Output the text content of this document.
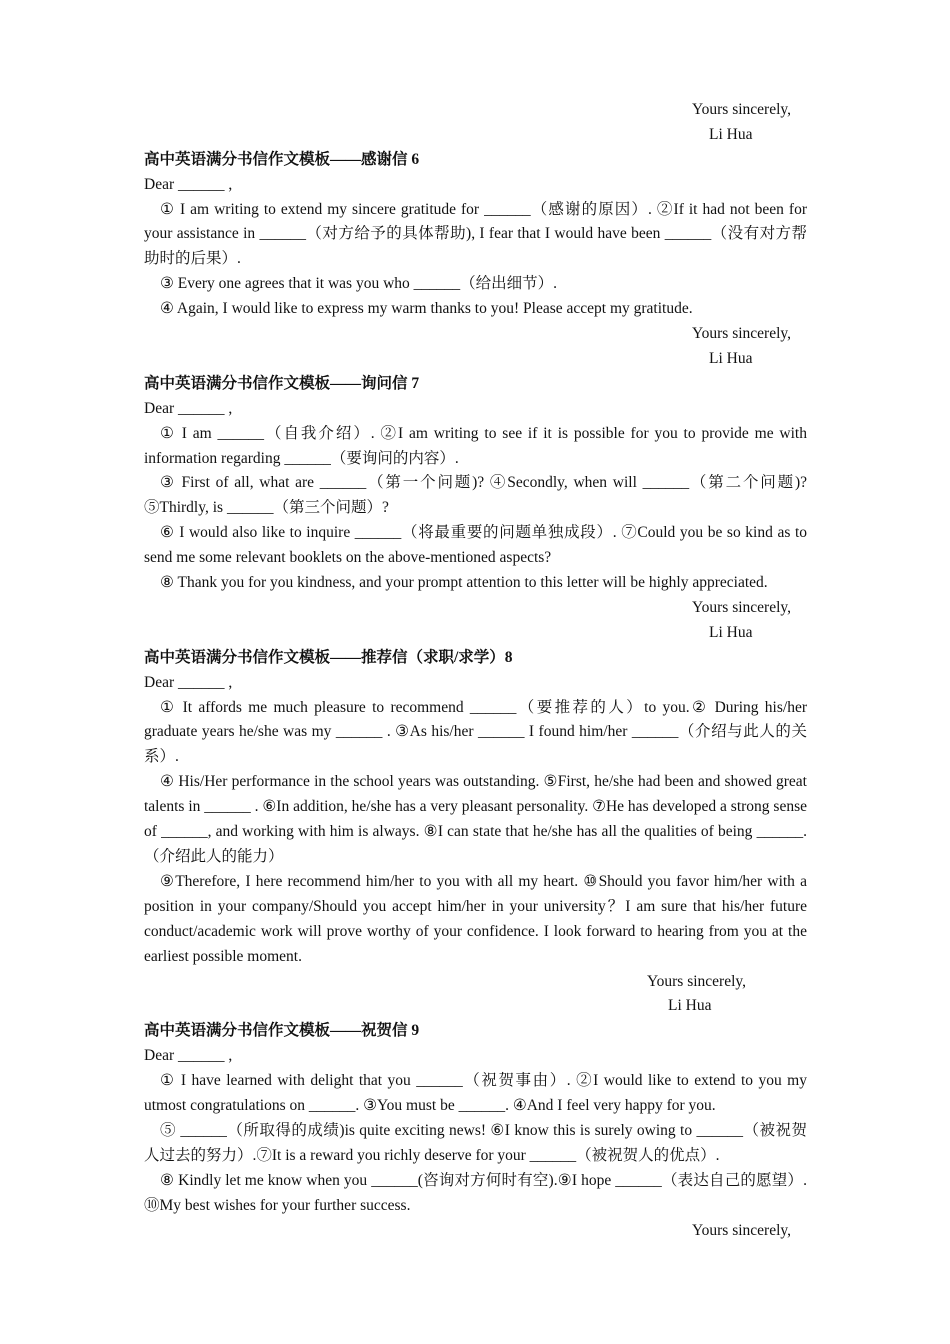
Yours sincerely,
Li Hua
高中英语满分书信作文模板——感谢信 6
Dear ______ ,

① I am writing to extend my sincere gratitude for ______（感谢的原因）. ②If it had not been for your assistance in ______（对方给予的具体帮助), I fear that I would have been ______（没有对方帮助时的后果）.

③ Every one agrees that it was you who ______（给出细节）.

④ Again, I would like to express my warm thanks to you! Please accept my gratitude.

Yours sincerely,
Li Hua
高中英语满分书信作文模板——询问信 7
Dear ______ ,

① I am ______（自我介绍）. ②I am writing to see if it is possible for you to provide me with information regarding ______（要询问的内容）.

③ First of all, what are ______（第一个问题)? ④Secondly, when will ______（第二个问题)? ⑤Thirdly, is ______（第三个问题）?

⑥ I would also like to inquire ______（将最重要的问题单独成段）. ⑦Could you be so kind as to send me some relevant booklets on the above-mentioned aspects?

⑧ Thank you for you kindness, and your prompt attention to this letter will be highly appreciated.

Yours sincerely,
Li Hua
高中英语满分书信作文模板——推荐信（求职/求学）8
Dear ______ ,

① It affords me much pleasure to recommend ______（要推荐的人）to you.② During his/her graduate years he/she was my ______ . ③As his/her ______ I found him/her ______（介绍与此人的关系）.

④ His/Her performance in the school years was outstanding. ⑤First, he/she had been and showed great talents in ______ . ⑥In addition, he/she has a very pleasant personality. ⑦He has developed a strong sense of ______, and working with him is always. ⑧I can state that he/she has all the qualities of being ______.（介绍此人的能力）

⑨Therefore, I here recommend him/her to you with all my heart. ⑩Should you favor him/her with a position in your company/Should you accept him/her in your university？I am sure that his/her future conduct/academic work will prove worthy of your confidence. I look forward to hearing from you at the earliest possible moment.

Yours sincerely,
Li Hua
高中英语满分书信作文模板——祝贺信 9
Dear ______ ,

① I have learned with delight that you ______（祝贺事由）. ②I would like to extend to you my utmost congratulations on ______. ③You must be ______. ④And I feel very happy for you.

⑤ ______（所取得的成绩)is quite exciting news! ⑥I know this is surely owing to ______（被祝贺人过去的努力）.⑦It is a reward you richly deserve for your ______（被祝贺人的优点）.

⑧ Kindly let me know when you ______(咨询对方何时有空).⑨I hope ______（表达自己的愿望）. ⑩My best wishes for your further success.

Yours sincerely,
